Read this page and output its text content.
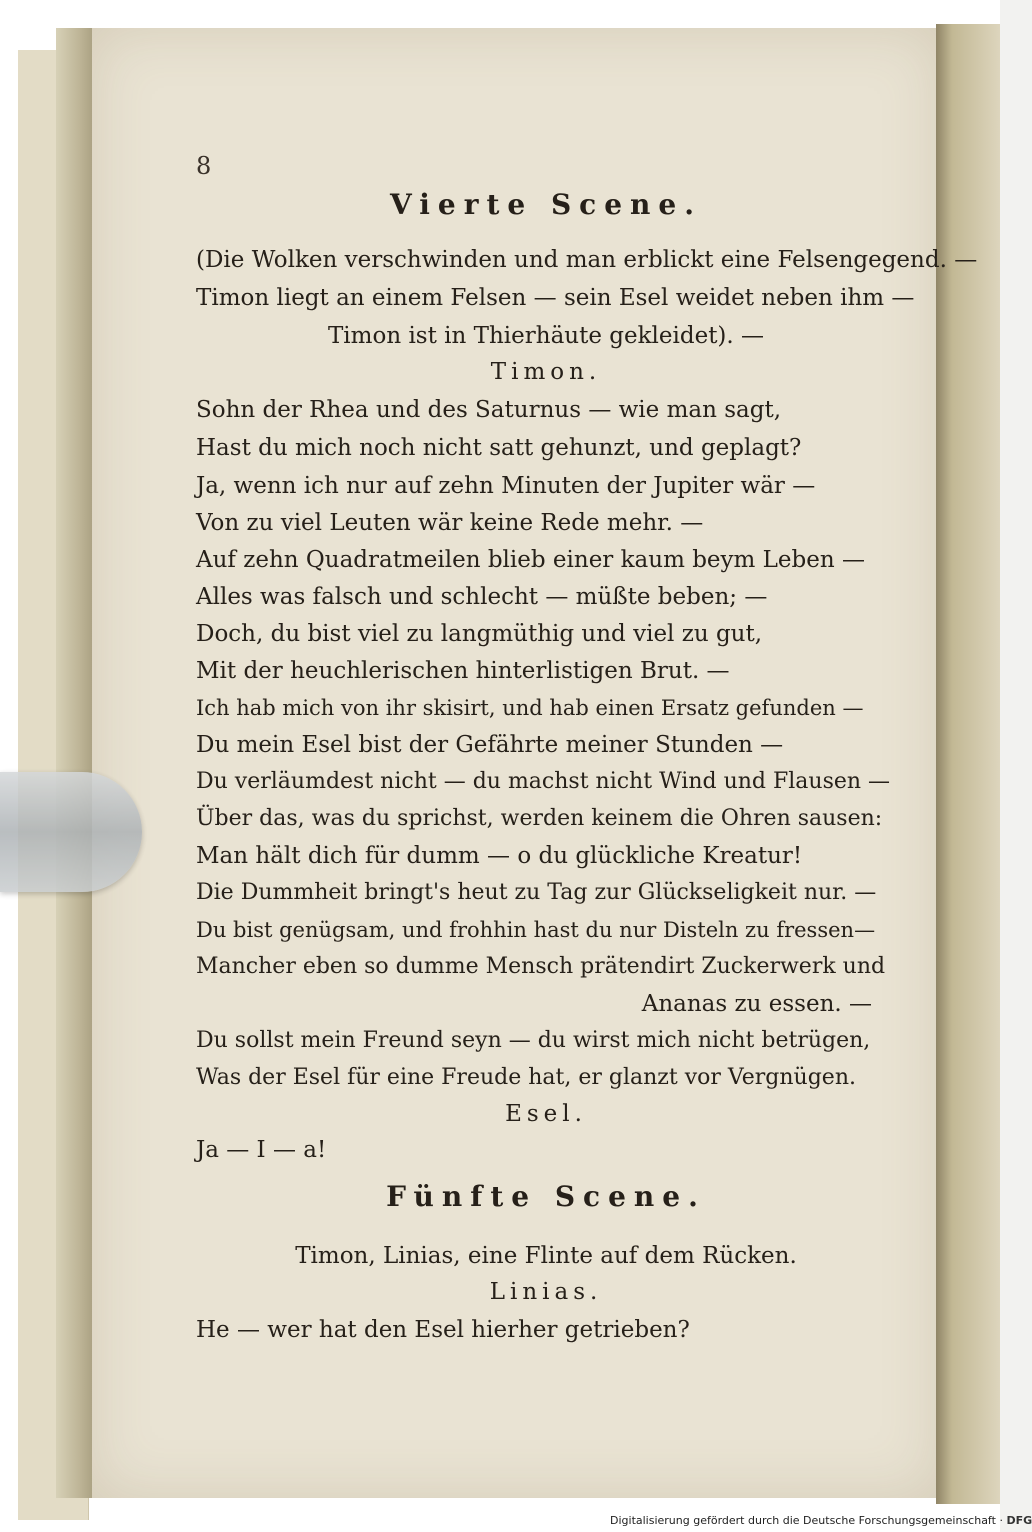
8
Vierte Scene.
(Die Wolken verschwinden und man erblickt eine Felsengegend. —
Timon liegt an einem Felsen — sein Esel weidet neben ihm —
Timon ist in Thierhäute gekleidet). —
Timon.
Sohn der Rhea und des Saturnus — wie man sagt,
Hast du mich noch nicht satt gehunzt, und geplagt?
Ja, wenn ich nur auf zehn Minuten der Jupiter wär —
Von zu viel Leuten wär keine Rede mehr. —
Auf zehn Quadratmeilen blieb einer kaum beym Leben —
Alles was falsch und schlecht — müßte beben; —
Doch, du bist viel zu langmüthig und viel zu gut,
Mit der heuchlerischen hinterlistigen Brut. —
Ich hab mich von ihr skisirt, und hab einen Ersatz gefunden —
Du mein Esel bist der Gefährte meiner Stunden —
Du verläumdest nicht — du machst nicht Wind und Flausen —
Über das, was du sprichst, werden keinem die Ohren sausen:
Man hält dich für dumm — o du glückliche Kreatur!
Die Dummheit bringt's heut zu Tag zur Glückseligkeit nur. —
Du bist genügsam, und frohhin hast du nur Disteln zu fressen—
Mancher eben so dumme Mensch prätendirt Zuckerwerk und
Ananas zu essen. —
Du sollst mein Freund seyn — du wirst mich nicht betrügen,
Was der Esel für eine Freude hat, er glanzt vor Vergnügen.
Esel.
Ja — I — a!
Fünfte Scene.
Timon, Linias, eine Flinte auf dem Rücken.
Linias.
He — wer hat den Esel hierher getrieben?
Digitalisierung gefördert durch die Deutsche Forschungsgemeinschaft · DFG
